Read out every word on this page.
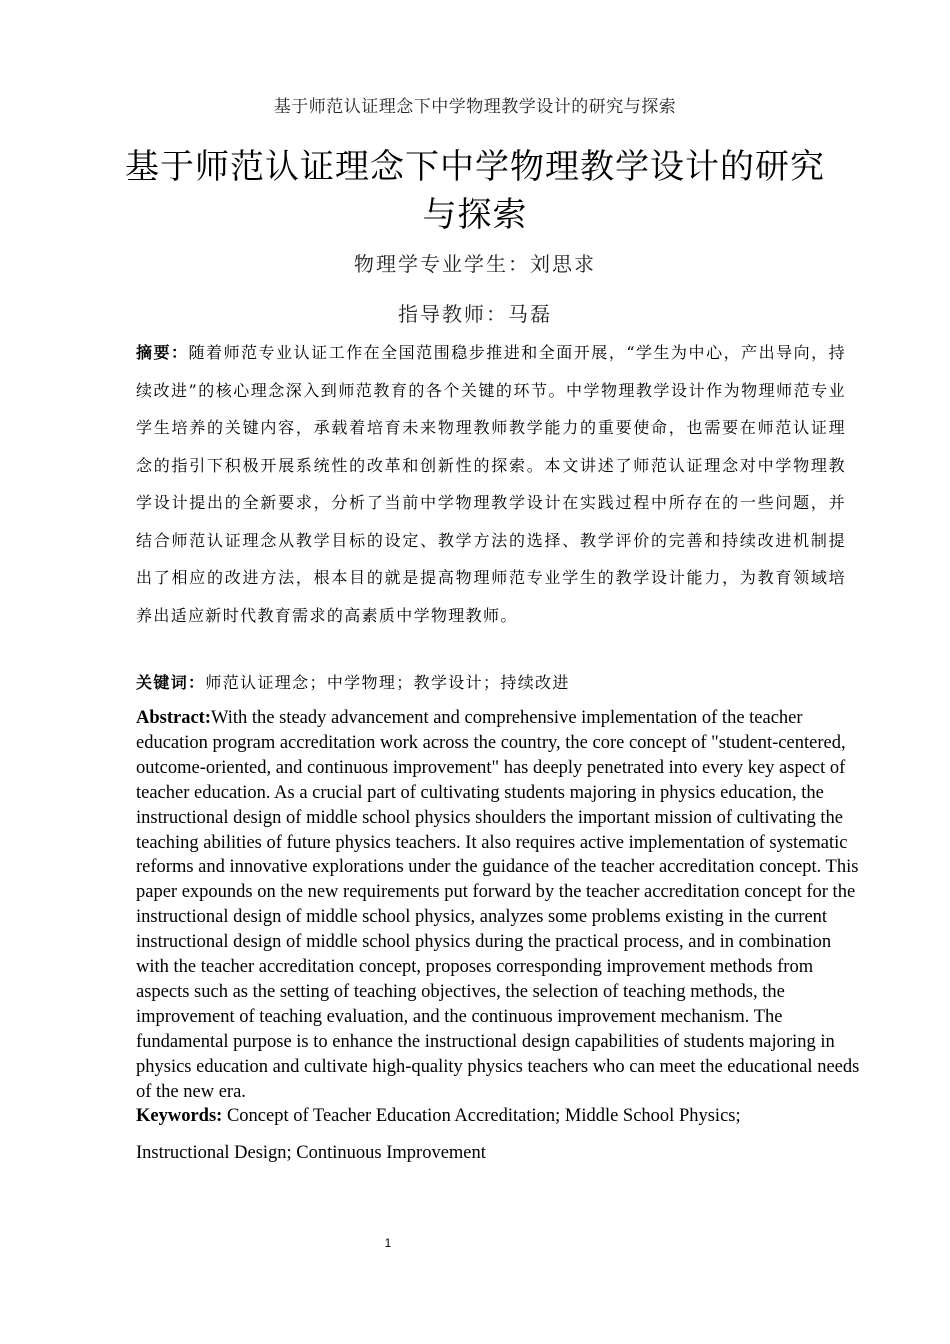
基于师范认证理念下中学物理教学设计的研究与探索
基于师范认证理念下中学物理教学设计的研究与探索
物理学专业学生：刘思求
指导教师：马磊

摘要：随着师范专业认证工作在全国范围稳步推进和全面开展，“学生为中心，产出导向，持续改进”的核心理念深入到师范教育的各个关键的环节。中学物理教学设计作为物理师范专业学生培养的关键内容，承载着培育未来物理教师教学能力的重要使命，也需要在师范认证理念的指引下积极开展系统性的改革和创新性的探索。本文讲述了师范认证理念对中学物理教学设计提出的全新要求，分析了当前中学物理教学设计在实践过程中所存在的一些问题，并结合师范认证理念从教学目标的设定、教学方法的选择、教学评价的完善和持续改进机制提出了相应的改进方法，根本目的就是提高物理师范专业学生的教学设计能力，为教育领域培养出适应新时代教育需求的高素质中学物理教师。

关键词：师范认证理念；中学物理；教学设计；持续改进

Abstract:With the steady advancement and comprehensive implementation of the teacher education program accreditation work across the country, the core concept of "student-centered, outcome-oriented, and continuous improvement" has deeply penetrated into every key aspect of teacher education. As a crucial part of cultivating students majoring in physics education, the instructional design of middle school physics shoulders the important mission of cultivating the teaching abilities of future physics teachers. It also requires active implementation of systematic reforms and innovative explorations under the guidance of the teacher accreditation concept. This paper expounds on the new requirements put forward by the teacher accreditation concept for the instructional design of middle school physics, analyzes some problems existing in the current instructional design of middle school physics during the practical process, and in combination with the teacher accreditation concept, proposes corresponding improvement methods from aspects such as the setting of teaching objectives, the selection of teaching methods, the improvement of teaching evaluation, and the continuous improvement mechanism. The fundamental purpose is to enhance the instructional design capabilities of students majoring in physics education and cultivate high-quality physics teachers who can meet the educational needs of the new era.

Keywords: Concept of Teacher Education Accreditation; Middle School Physics;

Instructional Design; Continuous Improvement

1
